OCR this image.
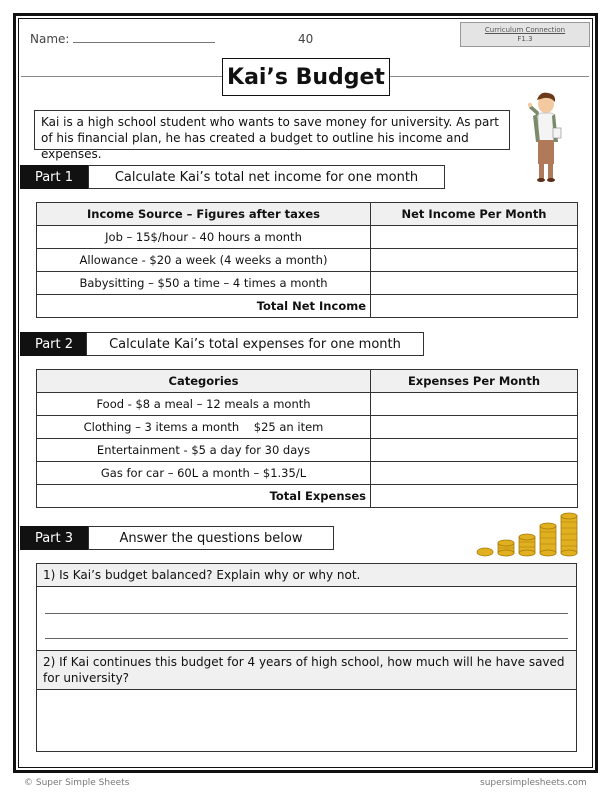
Name:	40
Curriculum Connection
F1.3
Kai’s Budget
Kai is a high school student who wants to save money for university. As part of his financial plan, he has created a budget to outline his income and expenses.
Part 1	Calculate Kai’s total net income for one month
Income Source – Figures after taxes	Net Income Per Month
Job – 15$/hour - 40 hours a month	
Allowance - $20 a week (4 weeks a month)	
Babysitting – $50 a time – 4 times a month	
Total Net Income	
Part 2	Calculate Kai’s total expenses for one month
Categories	Expenses Per Month
Food - $8 a meal – 12 meals a month	
Clothing – 3 items a month    $25 an item	
Entertainment - $5 a day for 30 days	
Gas for car – 60L a month – $1.35/L	
Total Expenses	
Part 3	Answer the questions below
1) Is Kai’s budget balanced? Explain why or why not.
2) If Kai continues this budget for 4 years of high school, how much will he have saved for university?
© Super Simple Sheets	supersimplesheets.com
